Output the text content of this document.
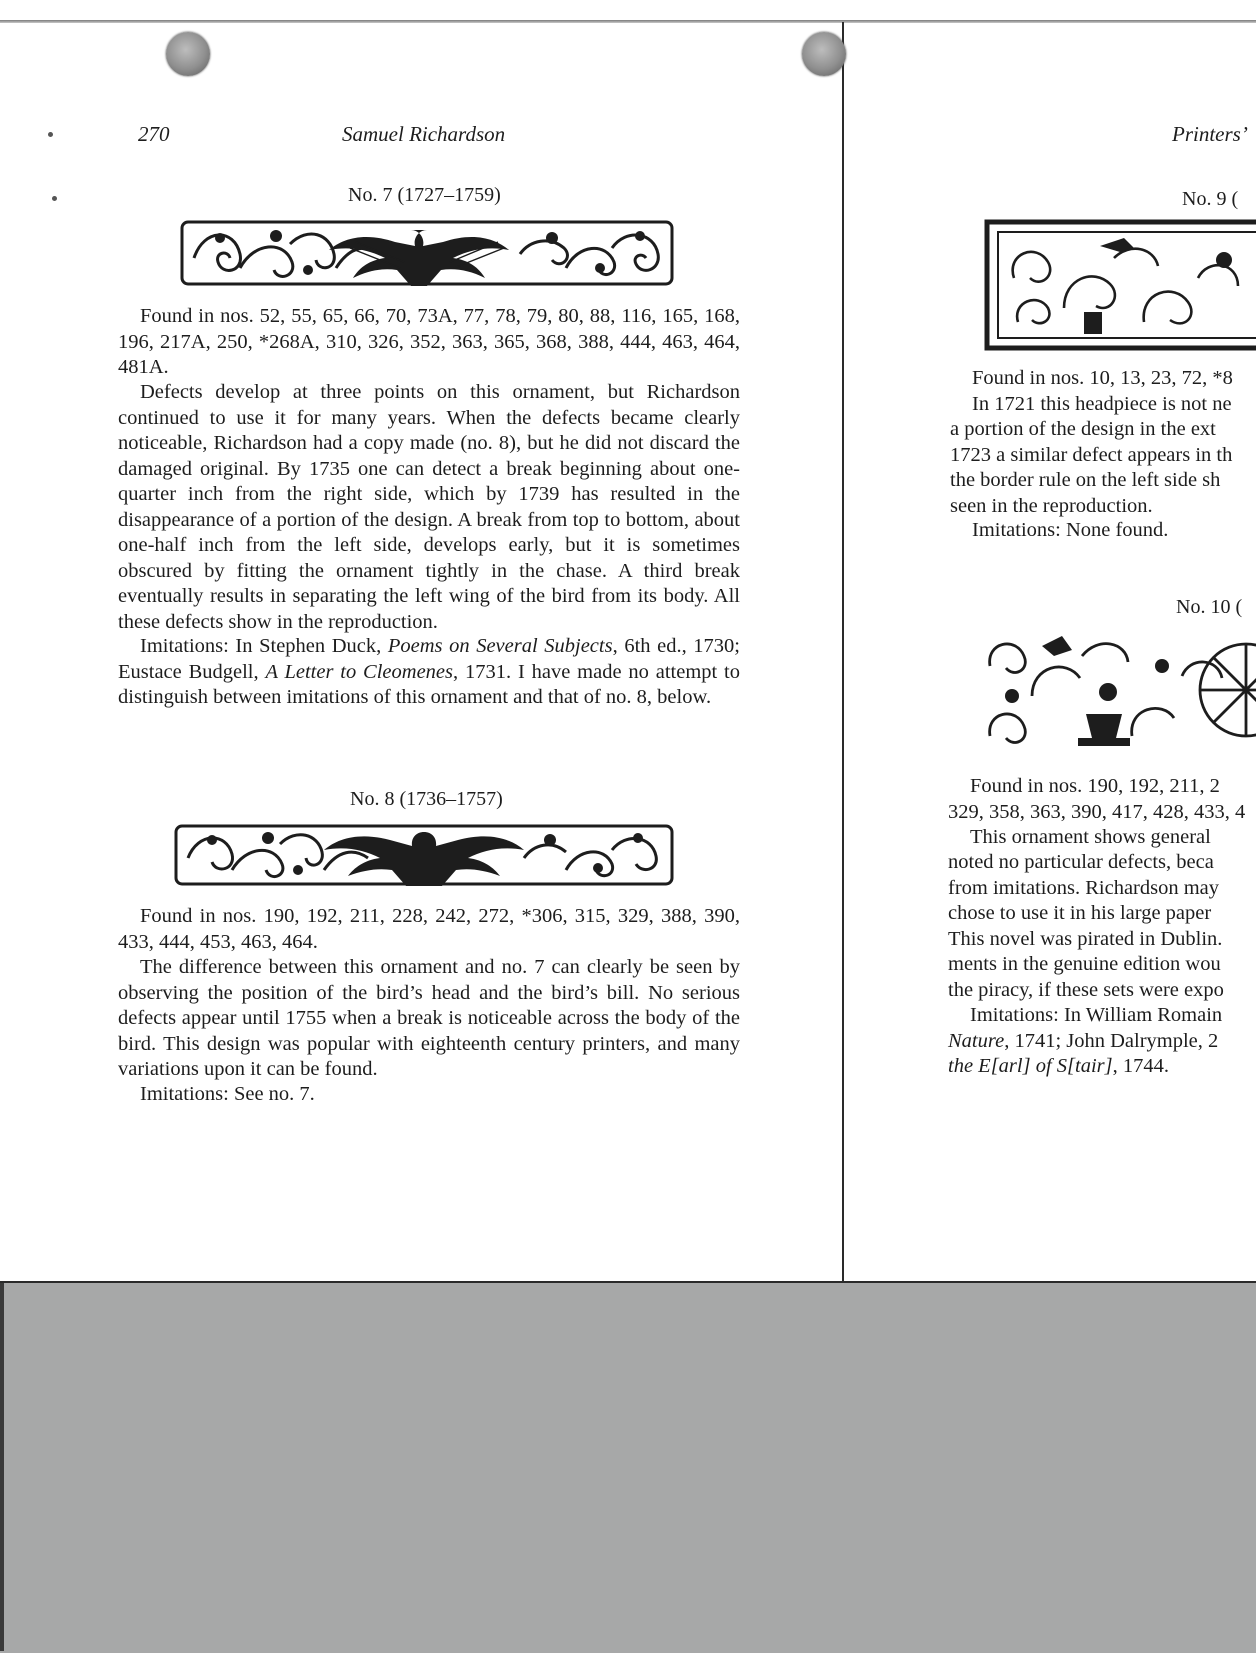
270	Samuel Richardson
No. 7 (1727–1759)

Found in nos. 52, 55, 65, 66, 70, 73A, 77, 78, 79, 80, 88, 116, 165, 168, 196, 217A, 250, *268A, 310, 326, 352, 363, 365, 368, 388, 444, 463, 464, 481A.

Defects develop at three points on this ornament, but Richardson continued to use it for many years. When the defects became clearly noticeable, Richardson had a copy made (no. 8), but he did not discard the damaged original. By 1735 one can detect a break beginning about one-quarter inch from the right side, which by 1739 has resulted in the disappearance of a portion of the design. A break from top to bottom, about one-half inch from the left side, develops early, but it is sometimes obscured by fitting the ornament tightly in the chase. A third break eventually results in separating the left wing of the bird from its body. All these defects show in the reproduction.

Imitations: In Stephen Duck, Poems on Several Subjects, 6th ed., 1730; Eustace Budgell, A Letter to Cleomenes, 1731. I have made no attempt to distinguish between imitations of this ornament and that of no. 8, below.

No. 8 (1736–1757)

Found in nos. 190, 192, 211, 228, 242, 272, *306, 315, 329, 388, 390, 433, 444, 453, 463, 464.

The difference between this ornament and no. 7 can clearly be seen by observing the position of the bird’s head and the bird’s bill. No serious defects appear until 1755 when a break is noticeable across the body of the bird. This design was popular with eighteenth century printers, and many variations upon it can be found.

Imitations: See no. 7.

Printers’
No. 9 (
Found in nos. 10, 13, 23, 72, *8
In 1721 this headpiece is not ne
a portion of the design in the ext
1723 a similar defect appears in th
the border rule on the left side sh
seen in the reproduction.
Imitations: None found.
No. 10 (
Found in nos. 190, 192, 211, 2
329, 358, 363, 390, 417, 428, 433, 4
This ornament shows general
noted no particular defects, beca
from imitations. Richardson may
chose to use it in his large paper
This novel was pirated in Dublin.
ments in the genuine edition wou
the piracy, if these sets were expo
Imitations: In William Romain
Nature, 1741; John Dalrymple, 2
the E[arl] of S[tair], 1744.
